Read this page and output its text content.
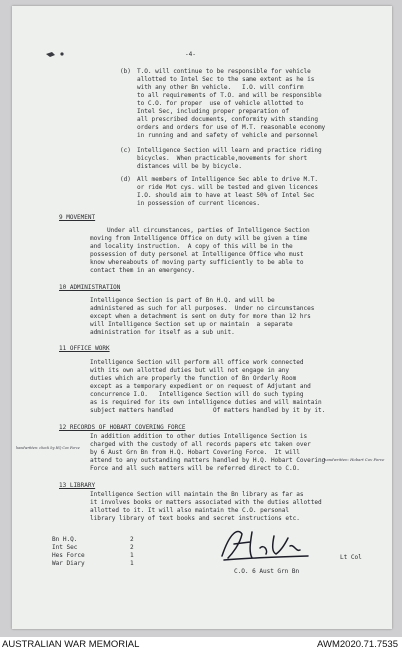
-4-

(b) T.O. will continue to be responsible for vehicle

allotted to Intel Sec to the same extent as he is

with any other Bn vehicle.   I.O. will confirm

to all requirements of T.O. and will be responsible

to C.O. for proper  use of vehicle allotted to

Intel Sec, including proper preparation of

all prescribed documents, conformity with standing

orders and orders for use of M.T. reasonable economy

in running and and safety of vehicle and personnel

(c) Intelligence Section will learn and practice riding

bicycles.  When practicable,movements for short

distances will be by bicycle.

(d) All members of Intelligence Sec able to drive M.T.

or ride Mot cys. will be tested and given licences

I.O. should aim to have at least 50% of Intel Sec

in possession of current licences.

9 MOVEMENT

Under all circumstances, parties of Intelligence Section

moving from Intelligence Office on duty will be given a time

and locality instruction.  A copy of this will be in the

possession of duty personel at Intelligence Office who must

know whereabouts of moving party sufficiently to be able to

contact them in an emergency.

10 ADMINISTRATION

Intelligence Section is part of Bn H.Q. and will be

administered as such for all purposes.  Under no circumstances

except when a detachment is sent on duty for more than 12 hrs

will Intelligence Section set up or maintain  a separate

administration for itself as a sub unit.

11 OFFICE WORK

Intelligence Section will perform all office work connected

with its own allotted duties but will not engage in any

duties which are properly the function of Bn Orderly Room

except as a temporary expedient or on request of Adjutant and

concurrence I.O.   Intelligence Section will do such typing

as is required for its own intelligence duties and will maintain

subject matters handled           Of matters handled by it by it.

12 RECORDS OF HOBART COVERING FORCE

In addition addition to other duties Intelligence Section is

charged with the custody of all records papers etc taken over

by 6 Aust Grn Bn from H.Q. Hobart Covering Force.  It will

attend to any outstanding matters handled by H.Q. Hobart Covering

Force and all such matters will be referred direct to C.O.

handwritten: check by HQ Cov Force

handwritten: Hobart Cov Force

13 LIBRARY

Intelligence Section will maintain the Bn library as far as

it involves books or matters associated with the duties allotted

allotted to it. It will also maintain the C.O. personal

library library of text books and secret instructions etc.

Bn H.Q.	2

Int Sec	2

Hes Force	1

War Diary	1

Lt Col

C.O. 6 Aust Grn Bn

AUSTRALIAN WAR MEMORIAL	AWM2020.71.7535
